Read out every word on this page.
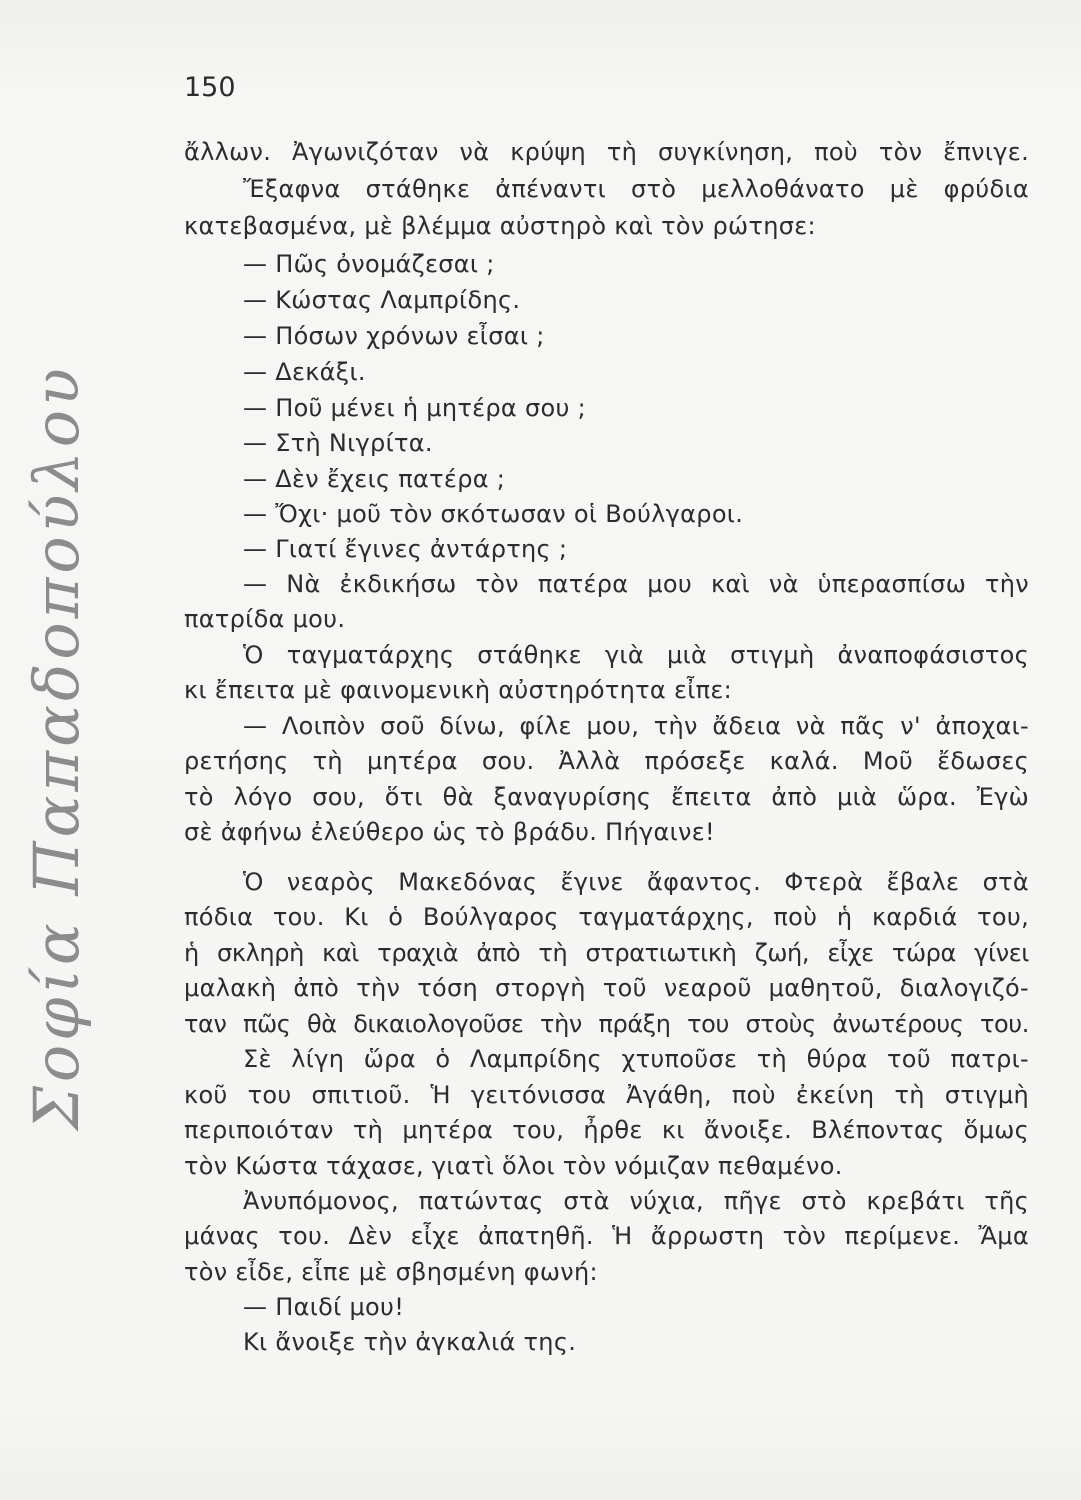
150
ἄλλων. Ἀγωνιζόταν νὰ κρύψη τὴ συγκίνηση, ποὺ τὸν ἔπνιγε.
Ἔξαφνα στάθηκε ἀπέναντι στὸ μελλοθάνατο μὲ φρύδια
κατεβασμένα, μὲ βλέμμα αὐστηρὸ καὶ τὸν ρώτησε:
— Πῶς ὀνομάζεσαι ;
— Κώστας Λαμπρίδης.
— Πόσων χρόνων εἶσαι ;
— Δεκάξι.
— Ποῦ μένει ἡ μητέρα σου ;
— Στὴ Νιγρίτα.
— Δὲν ἔχεις πατέρα ;
— Ὄχι· μοῦ τὸν σκότωσαν οἱ Βούλγαροι.
— Γιατί ἔγινες ἀντάρτης ;
— Νὰ ἐκδικήσω τὸν πατέρα μου καὶ νὰ ὑπερασπίσω τὴν
πατρίδα μου.
Ὁ ταγματάρχης στάθηκε γιὰ μιὰ στιγμὴ ἀναποφάσιστος
κι ἔπειτα μὲ φαινομενικὴ αὐστηρότητα εἶπε:
— Λοιπὸν σοῦ δίνω, φίλε μου, τὴν ἄδεια νὰ πᾶς ν' ἀποχαι-
ρετήσης τὴ μητέρα σου. Ἀλλὰ πρόσεξε καλά. Μοῦ ἔδωσες
τὸ λόγο σου, ὅτι θὰ ξαναγυρίσης ἔπειτα ἀπὸ μιὰ ὥρα. Ἐγὼ
σὲ ἀφήνω ἐλεύθερο ὡς τὸ βράδυ. Πήγαινε!
Ὁ νεαρὸς Μακεδόνας ἔγινε ἄφαντος. Φτερὰ ἔβαλε στὰ
πόδια του. Κι ὁ Βούλγαρος ταγματάρχης, ποὺ ἡ καρδιά του,
ἡ σκληρὴ καὶ τραχιὰ ἀπὸ τὴ στρατιωτικὴ ζωή, εἶχε τώρα γίνει
μαλακὴ ἀπὸ τὴν τόση στοργὴ τοῦ νεαροῦ μαθητοῦ, διαλογιζό-
ταν πῶς θὰ δικαιολογοῦσε τὴν πράξη του στοὺς ἀνωτέρους του.
Σὲ λίγη ὥρα ὁ Λαμπρίδης χτυποῦσε τὴ θύρα τοῦ πατρι-
κοῦ του σπιτιοῦ. Ἡ γειτόνισσα Ἀγάθη, ποὺ ἐκείνη τὴ στιγμὴ
περιποιόταν τὴ μητέρα του, ἦρθε κι ἄνοιξε. Βλέποντας ὅμως
τὸν Κώστα τάχασε, γιατὶ ὅλοι τὸν νόμιζαν πεθαμένο.
Ἀνυπόμονος, πατώντας στὰ νύχια, πῆγε στὸ κρεβάτι τῆς
μάνας του. Δὲν εἶχε ἀπατηθῆ. Ἡ ἄρρωστη τὸν περίμενε. Ἄμα
τὸν εἶδε, εἶπε μὲ σβησμένη φωνή:
— Παιδί μου!
Κι ἄνοιξε τὴν ἀγκαλιά της.
Σοφία Παπαδοπούλου
